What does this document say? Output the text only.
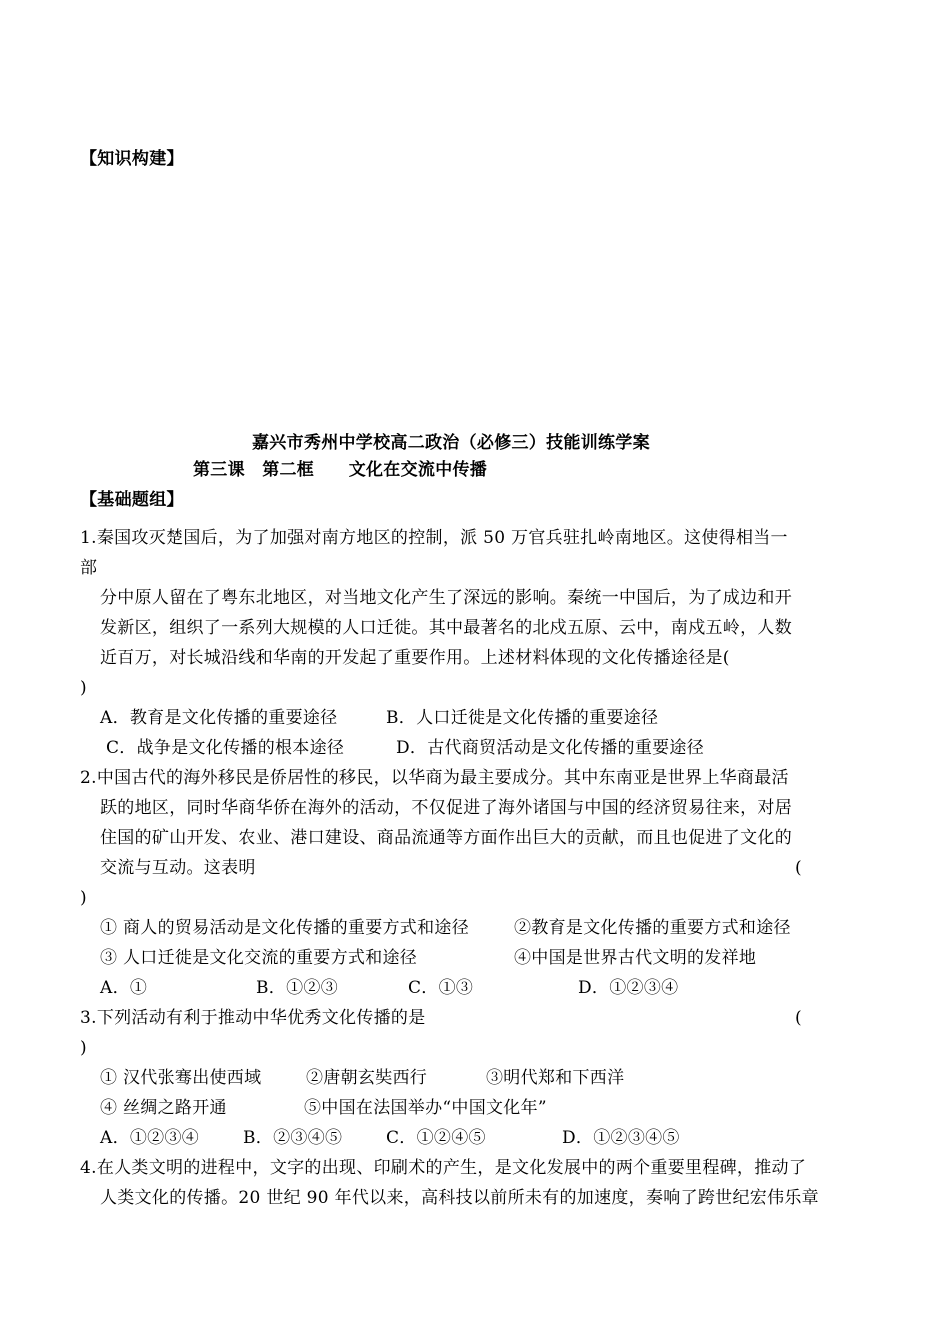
【知识构建】
嘉兴市秀州中学校高二政治（必修三）技能训练学案
第三课　第二框　　文化在交流中传播
【基础题组】
1.秦国攻灭楚国后，为了加强对南方地区的控制，派 50 万官兵驻扎岭南地区。这使得相当一
部
分中原人留在了粤东北地区，对当地文化产生了深远的影响。秦统一中国后，为了成边和开
发新区，组织了一系列大规模的人口迁徙。其中最著名的北戍五原、云中，南戍五岭，人数
近百万，对长城沿线和华南的开发起了重要作用。上述材料体现的文化传播途径是(
)
A．教育是文化传播的重要途径	B．人口迁徙是文化传播的重要途径
C．战争是文化传播的根本途径	D．古代商贸活动是文化传播的重要途径
2.中国古代的海外移民是侨居性的移民，以华商为最主要成分。其中东南亚是世界上华商最活
跃的地区，同时华商华侨在海外的活动，不仅促进了海外诸国与中国的经济贸易往来，对居
住国的矿山开发、农业、港口建设、商品流通等方面作出巨大的贡献，而且也促进了文化的
交流与互动。这表明	(
)
① 商人的贸易活动是文化传播的重要方式和途径	②教育是文化传播的重要方式和途径
③ 人口迁徙是文化交流的重要方式和途径	④中国是世界古代文明的发祥地
A．①	B．①②③	C．①③	D．①②③④
3.下列活动有利于推动中华优秀文化传播的是	(
)
① 汉代张骞出使西域	②唐朝玄奘西行	③明代郑和下西洋
④ 丝绸之路开通	⑤中国在法国举办“中国文化年”
A．①②③④	B．②③④⑤	C．①②④⑤	D．①②③④⑤
4.在人类文明的进程中，文字的出现、印刷术的产生，是文化发展中的两个重要里程碑，推动了
人类文化的传播。20 世纪 90 年代以来，高科技以前所未有的加速度，奏响了跨世纪宏伟乐章
